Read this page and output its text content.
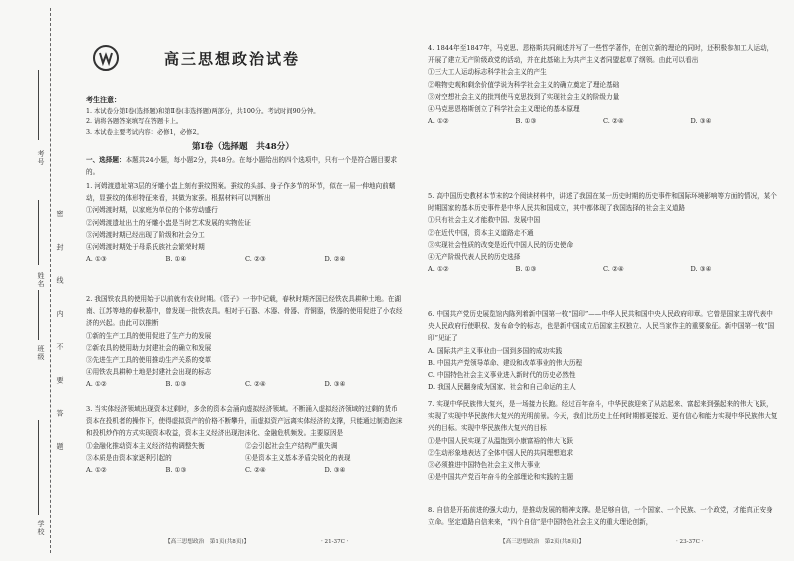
考号
姓名
班级
学校
密 封 线 内 不 要 答 题
高三思想政治试卷
考生注意：
1. 本试卷分第Ⅰ卷(选择题)和第Ⅱ卷(非选择题)两部分，共100分。考试时间90分钟。
2. 请将各题答案填写在答题卡上。
3. 本试卷主要考试内容：必修1，必修2。
第Ⅰ卷（选择题　共48分）
一、选择题：本题共24小题，每小题2分，共48分。在每小题给出的四个选项中，只有一个是符合题目要求的。

1. 河姆渡遗址第3层的牙雕小盅上刻有蚕纹图案。蚕纹的头部、身子作多节的环节，似在一屈一伸地向前蠕动，显蚕纹的体形特征来看，其做为家蚕。根据材料可以判断出

①河姆渡时期，以家庭为单位的个体劳动盛行

②河姆渡遗址出土的牙雕小盅是当时艺术发展的实物佐证

③河姆渡时期已经出现了阶级和社会分工

④河姆渡时期处于母系氏族社会繁荣时期

A. ①③	B. ①④	C. ②③	D. ②④

2. 我国铁农具的使用始于以前就有农业时期。《管子》一书中记载，春秋时期齐国已经铁农具耕种土地。在湖南、江苏等地的春秋墓中，曾发现一批铁农具。相对于石器、木器、骨器、青铜器，铁器的使用促进了小农经济的兴起。由此可以推断

①新的生产工具的使用促进了生产力的发展

②新农具的使用助力封建社会的确立和发展

③先进生产工具的使用推动生产关系的变革

④用铁农具耕种土地是封建社会出现的标志

A. ①②	B. ①③	C. ②④	D. ③④

3. 当实体经济领域出现资本过剩时，多余的资本会涌向虚拟经济领域。不断涌入虚拟经济领域的过剩的货币资本在投机者的操作下，使得虚拟资产的价格不断攀升，而虚拟资产远离实体经济的支撑，只能通过制造泡沫和投机炒作的方式实现资本收益，资本主义经济出现泡沫化、金融危机频发。主要原因是

①金融化推动资本主义经济结构调整失衡	②会引起社会生产结构严重失调
③本质是由资本家逐利引起的	④是资本主义基本矛盾尖锐化的表现
A. ①②	B. ①③	C. ②④	D. ③④
【高三思想政治　第1页(共8页)】	· 21-37C ·

4. 1844年至1847年，马克思、恩格斯共同阐述并写了一些哲学著作，在创立新的理论的同时，还积极参加工人运动，开展了建立无产阶级政党的活动，并在此基础上为共产主义者同盟起草了纲领。由此可以看出

①三大工人运动标志科学社会主义的产生

②唯物史观和剩余价值学说为科学社会主义的确立奠定了理论基础

③对空想社会主义的批判使马克思找到了实现社会主义的阶级力量

④马克思恩格斯创立了科学社会主义理论的基本原理

A. ①②	B. ①③	C. ②④	D. ③④

5. 高中国历史教材本节末的2个阅读材料中，讲述了我国在某一历史时期的历史事件和国际环境影响等方面的情况，某个时期国家的基本历史事件是中华人民共和国成立，其中都体现了我国选择的社会主义道路

①只有社会主义才能救中国、发展中国

②在近代中国，资本主义道路走不通

③实现社会性质的改变是近代中国人民的历史使命

④无产阶级代表人民的历史选择

A. ①②	B. ①③	C. ②④	D. ③④

6. 中国共产党历史展览馆内陈列着新中国第一枚“国印”——中华人民共和国中央人民政府印章。它曾是国家主席代表中央人民政府行使职权、发布命令的标志，也是新中国成立后国家主权独立、人民当家作主的重要象征。新中国第一枚“国印”见证了

A. 国际共产主义事业由一国到多国的成功实践

B. 中国共产党领导革命、建设和改革事业的伟大历程

C. 中国特色社会主义事业进入新时代的历史必然性

D. 我国人民翻身成为国家、社会和自己命运的主人

7. 实现中华民族伟大复兴，是一场接力长跑。经过百年奋斗，中华民族迎来了从站起来、富起来到强起来的伟大飞跃，实现了实现中华民族伟大复兴的光明前景。今天，我们比历史上任何时期都更接近、更有信心和能力实现中华民族伟大复兴的目标。实现中华民族伟大复兴的目标

①是中国人民实现了从温饱到小康富裕的伟大飞跃

②生动形象地表达了全体中国人民的共同理想追求

③必须推进中国特色社会主义伟大事业

④是中国共产党百年奋斗的全部理论和实践的主题

8. 自信是开拓前进的强大动力，是推动发展的精神支撑。是足够自信，一个国家、一个民族、一个政党，才能真正安身立命。坚定道路自信来来，“四个自信”是中国特色社会主义的重大理论创新，

【高三思想政治　第2页(共8页)】	· 23-37C ·
